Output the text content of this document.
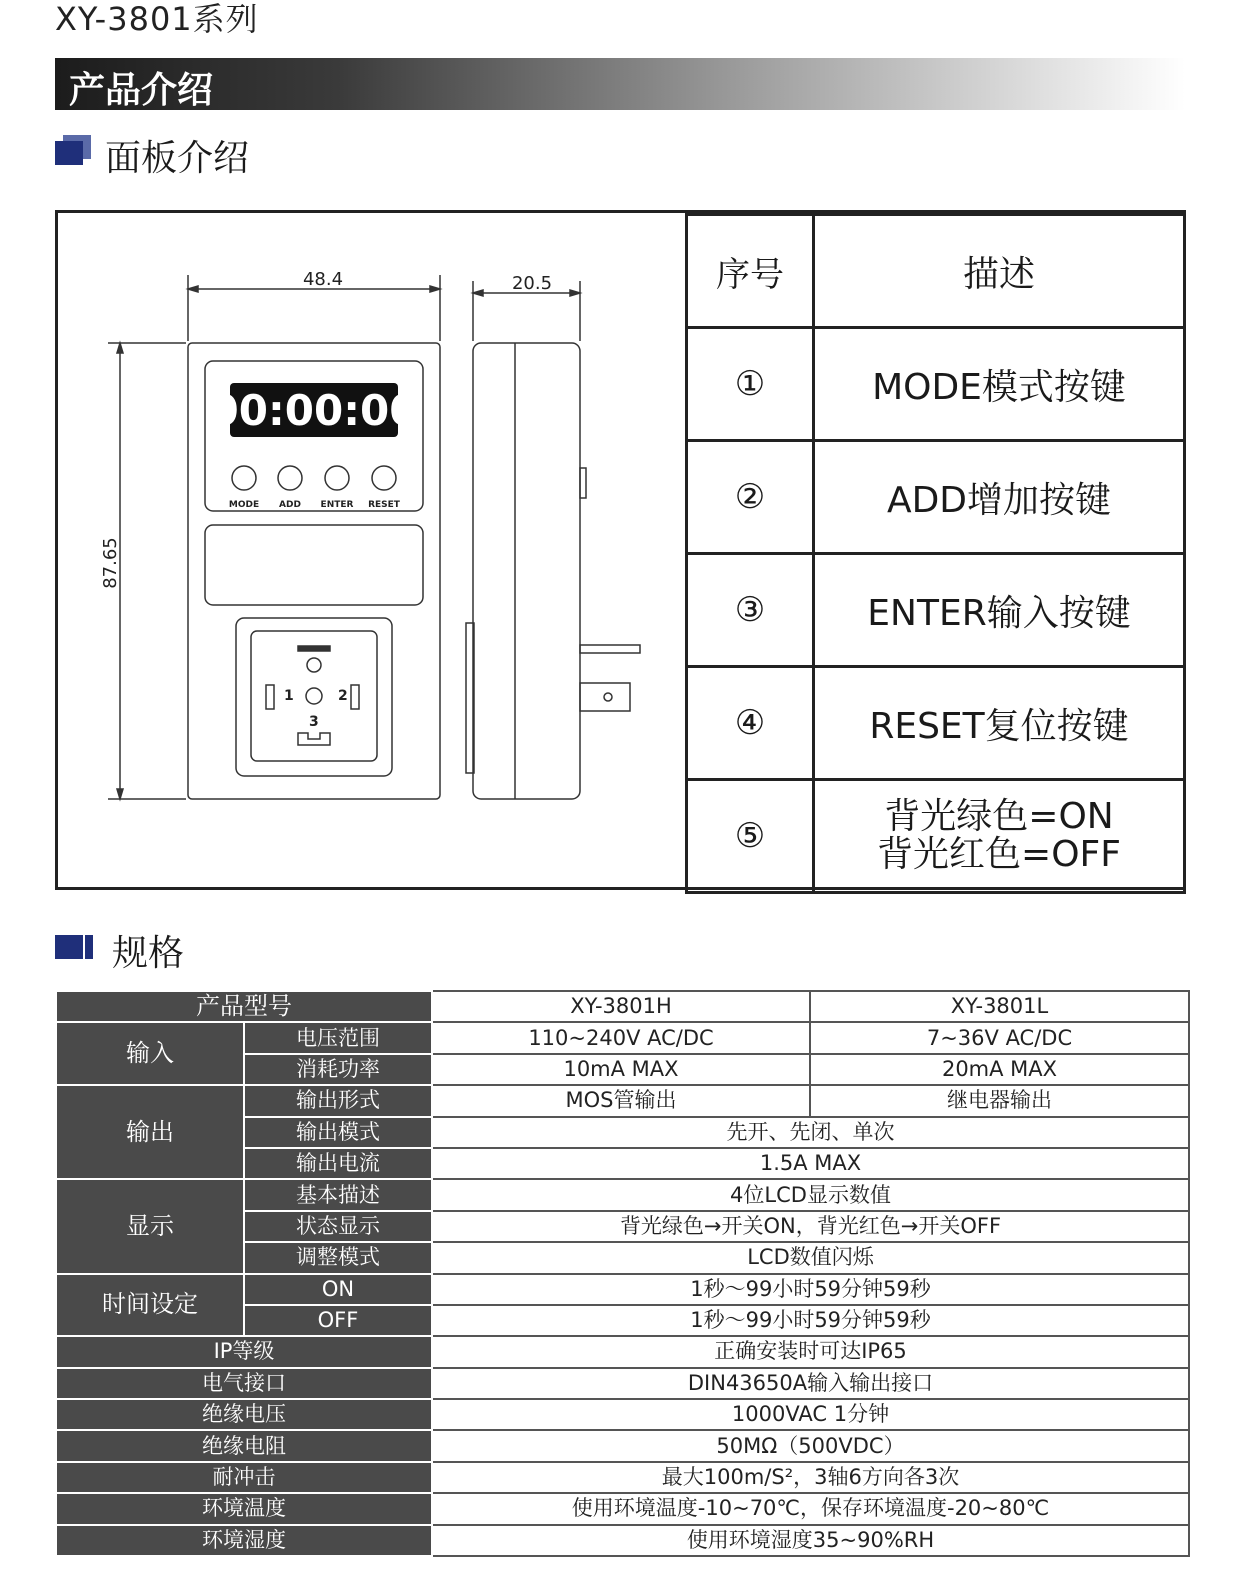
XY-3801系列
产品介绍
面板介绍
00:00:00
48.4	20.5
87.65
MODE ADD ENTER RESET
1	2
3
序号	描述
①	MODE模式按键
②	ADD增加按键
③	ENTER输入按键
④	RESET复位按键
⑤	背光绿色=ON
背光红色=OFF
规格
产品型号		XY-3801H	XY-3801L
输入	电压范围	110~240V AC/DC	7~36V AC/DC
	消耗功率	10mA MAX	20mA MAX
输出	输出形式	MOS管输出	继电器输出
	输出模式	先开、先闭、单次	
	输出电流	1.5A MAX	
显示	基本描述	4位LCD显示数值	
	状态显示	背光绿色→开关ON，背光红色→开关OFF	
	调整模式	LCD数值闪烁	
时间设定	ON	1秒～99小时59分钟59秒	
	OFF	1秒～99小时59分钟59秒	
IP等级		正确安装时可达IP65	
电气接口		DIN43650A输入输出接口	
绝缘电压		1000VAC 1分钟	
绝缘电阻		50MΩ（500VDC）	
耐冲击		最大100m/S²，3轴6方向各3次	
环境温度		使用环境温度-10~70℃，保存环境温度-20~80℃	
环境湿度		使用环境湿度35~90%RH	
